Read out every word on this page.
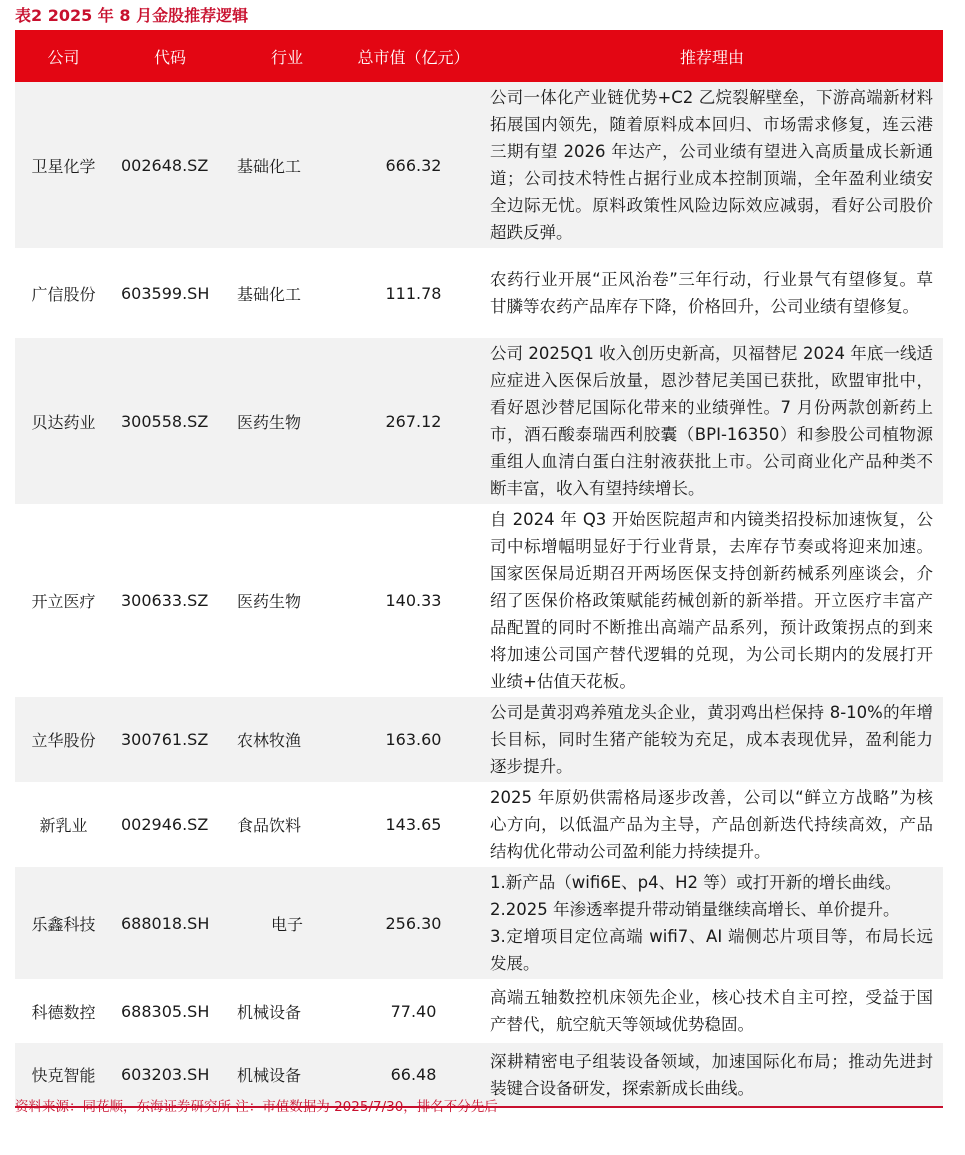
表2 2025 年 8 月金股推荐逻辑
公司	代码	行业	总市值（亿元）	推荐理由
卫星化学	002648.SZ	基础化工	666.32	公司一体化产业链优势+C2 乙烷裂解壁垒，下游高端新材料拓展国内领先，随着原料成本回归、市场需求修复，连云港三期有望 2026 年达产，公司业绩有望进入高质量成长新通道；公司技术特性占据行业成本控制顶端，全年盈利业绩安全边际无忧。原料政策性风险边际效应减弱，看好公司股价超跌反弹。
广信股份	603599.SH	基础化工	111.78	农药行业开展“正风治卷”三年行动，行业景气有望修复。草甘膦等农药产品库存下降，价格回升，公司业绩有望修复。
贝达药业	300558.SZ	医药生物	267.12	公司 2025Q1 收入创历史新高，贝福替尼 2024 年底一线适应症进入医保后放量，恩沙替尼美国已获批，欧盟审批中，看好恩沙替尼国际化带来的业绩弹性。7 月份两款创新药上市，酒石酸泰瑞西利胶囊（BPI-16350）和参股公司植物源重组人血清白蛋白注射液获批上市。公司商业化产品种类不断丰富，收入有望持续增长。
开立医疗	300633.SZ	医药生物	140.33	自 2024 年 Q3 开始医院超声和内镜类招投标加速恢复，公司中标增幅明显好于行业背景，去库存节奏或将迎来加速。国家医保局近期召开两场医保支持创新药械系列座谈会，介绍了医保价格政策赋能药械创新的新举措。开立医疗丰富产品配置的同时不断推出高端产品系列，预计政策拐点的到来将加速公司国产替代逻辑的兑现，为公司长期内的发展打开业绩+估值天花板。
立华股份	300761.SZ	农林牧渔	163.60	公司是黄羽鸡养殖龙头企业，黄羽鸡出栏保持 8-10%的年增长目标，同时生猪产能较为充足，成本表现优异，盈利能力逐步提升。
新乳业	002946.SZ	食品饮料	143.65	2025 年原奶供需格局逐步改善，公司以“鲜立方战略”为核心方向，以低温产品为主导，产品创新迭代持续高效，产品结构优化带动公司盈利能力持续提升。
乐鑫科技	688018.SH	电子	256.30	1.新产品（wifi6E、p4、H2 等）或打开新的增长曲线。
2.2025 年渗透率提升带动销量继续高增长、单价提升。
3.定增项目定位高端 wifi7、AI 端侧芯片项目等，布局长远发展。

科德数控	688305.SH	机械设备	77.40	高端五轴数控机床领先企业，核心技术自主可控，受益于国产替代，航空航天等领域优势稳固。
快克智能	603203.SH	机械设备	66.48	深耕精密电子组装设备领域，加速国际化布局；推动先进封装键合设备研发，探索新成长曲线。
资料来源：同花顺，东海证券研究所 注：市值数据为 2025/7/30，排名不分先后
